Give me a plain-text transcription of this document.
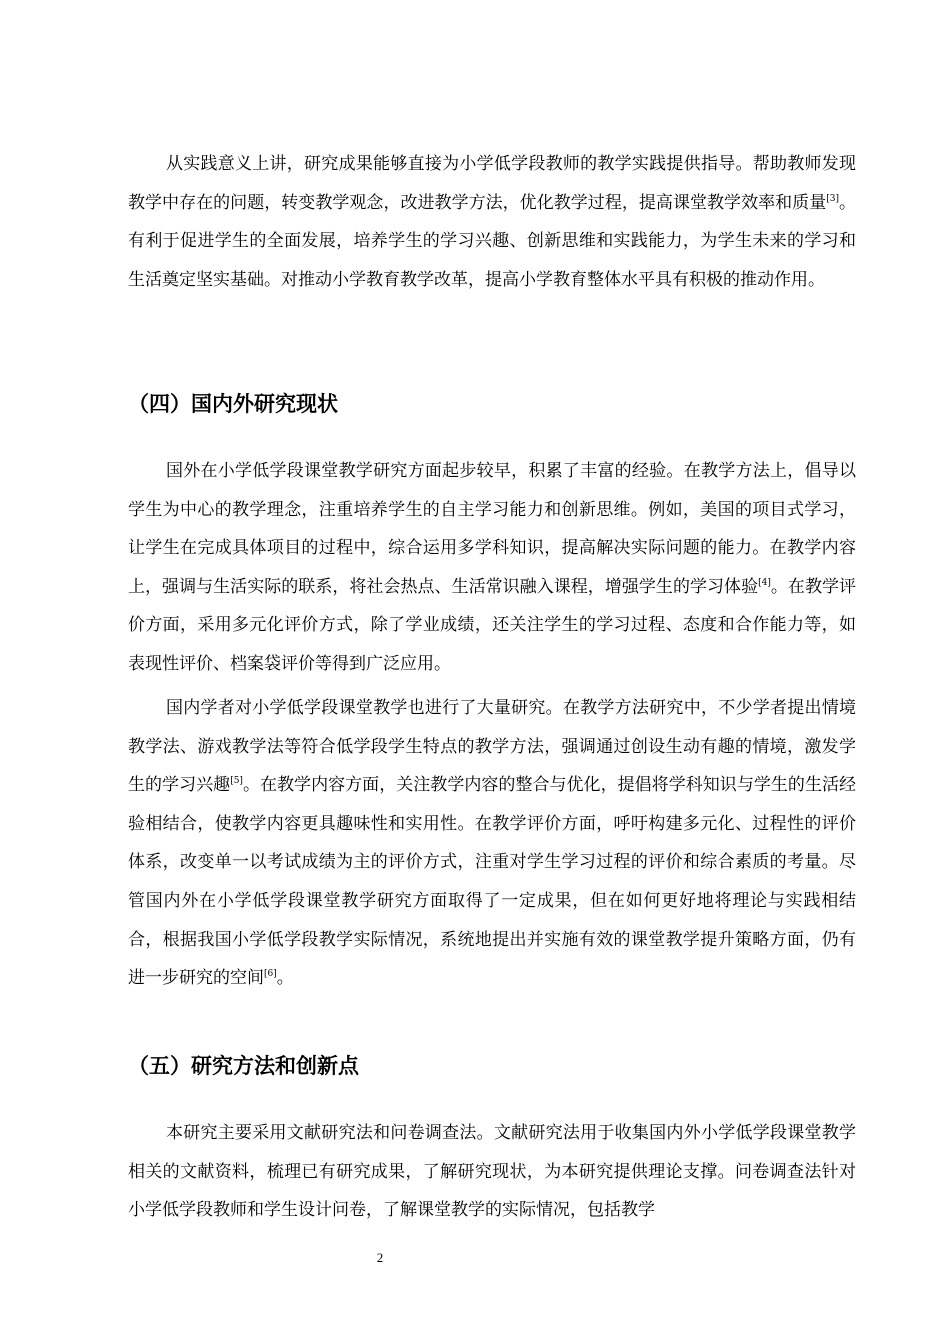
从实践意义上讲，研究成果能够直接为小学低学段教师的教学实践提供指导。帮助教师发现教学中存在的问题，转变教学观念，改进教学方法，优化教学过程，提高课堂教学效率和质量[3]。有利于促进学生的全面发展，培养学生的学习兴趣、创新思维和实践能力，为学生未来的学习和生活奠定坚实基础。对推动小学教育教学改革，提高小学教育整体水平具有积极的推动作用。

（四）国内外研究现状

国外在小学低学段课堂教学研究方面起步较早，积累了丰富的经验。在教学方法上，倡导以学生为中心的教学理念，注重培养学生的自主学习能力和创新思维。例如，美国的项目式学习，让学生在完成具体项目的过程中，综合运用多学科知识，提高解决实际问题的能力。在教学内容上，强调与生活实际的联系，将社会热点、生活常识融入课程，增强学生的学习体验[4]。在教学评价方面，采用多元化评价方式，除了学业成绩，还关注学生的学习过程、态度和合作能力等，如表现性评价、档案袋评价等得到广泛应用。

国内学者对小学低学段课堂教学也进行了大量研究。在教学方法研究中，不少学者提出情境教学法、游戏教学法等符合低学段学生特点的教学方法，强调通过创设生动有趣的情境，激发学生的学习兴趣[5]。在教学内容方面，关注教学内容的整合与优化，提倡将学科知识与学生的生活经验相结合，使教学内容更具趣味性和实用性。在教学评价方面，呼吁构建多元化、过程性的评价体系，改变单一以考试成绩为主的评价方式，注重对学生学习过程的评价和综合素质的考量。尽管国内外在小学低学段课堂教学研究方面取得了一定成果，但在如何更好地将理论与实践相结合，根据我国小学低学段教学实际情况，系统地提出并实施有效的课堂教学提升策略方面，仍有进一步研究的空间[6]。

（五）研究方法和创新点

本研究主要采用文献研究法和问卷调查法。文献研究法用于收集国内外小学低学段课堂教学相关的文献资料，梳理已有研究成果，了解研究现状，为本研究提供理论支撑。问卷调查法针对小学低学段教师和学生设计问卷，了解课堂教学的实际情况，包括教学

2
